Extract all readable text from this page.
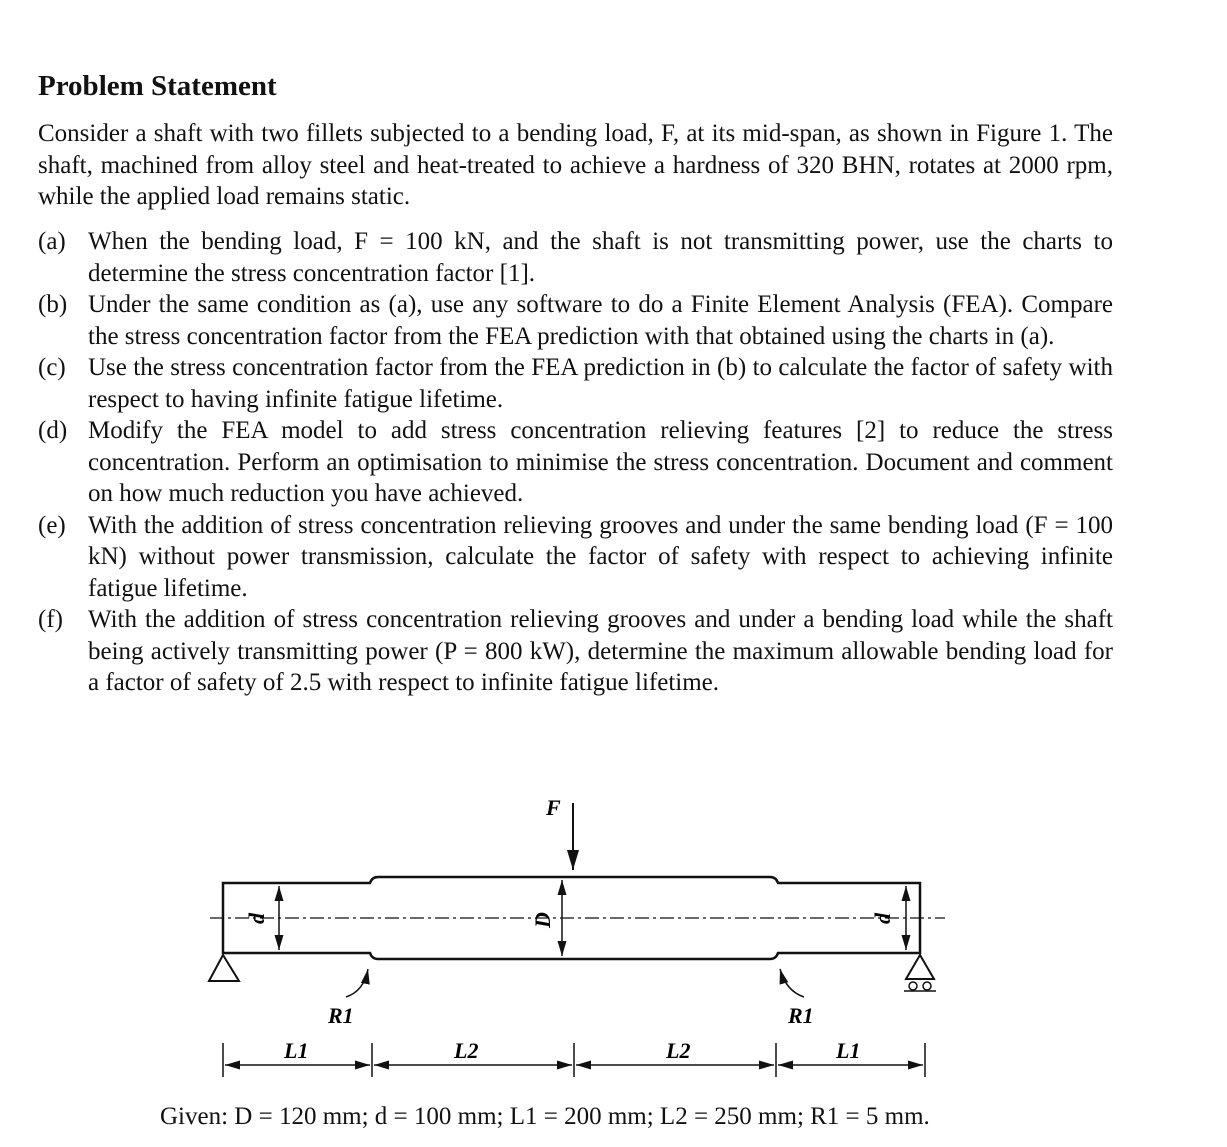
Problem Statement
Consider a shaft with two fillets subjected to a bending load, F, at its mid-span, as shown in Figure 1. The shaft, machined from alloy steel and heat-treated to achieve a hardness of 320 BHN, rotates at 2000 rpm, while the applied load remains static.
(a) When the bending load, F = 100 kN, and the shaft is not transmitting power, use the charts to determine the stress concentration factor [1].
(b) Under the same condition as (a), use any software to do a Finite Element Analysis (FEA). Compare the stress concentration factor from the FEA prediction with that obtained using the charts in (a).
(c) Use the stress concentration factor from the FEA prediction in (b) to calculate the factor of safety with respect to having infinite fatigue lifetime.
(d) Modify the FEA model to add stress concentration relieving features [2] to reduce the stress concentration. Perform an optimisation to minimise the stress concentration. Document and comment on how much reduction you have achieved.
(e) With the addition of stress concentration relieving grooves and under the same bending load (F = 100 kN) without power transmission, calculate the factor of safety with respect to achieving infinite fatigue lifetime.
(f)	With the addition of stress concentration relieving grooves and under a bending load while the shaft being actively transmitting power (P = 800 kW), determine the maximum allowable bending load for a factor of safety of 2.5 with respect to infinite fatigue lifetime.
F
D
d	d
R1	R1
L1	L2	L2	L1
Given: D = 120 mm; d = 100 mm; L1 = 200 mm; L2 = 250 mm; R1 = 5 mm.
